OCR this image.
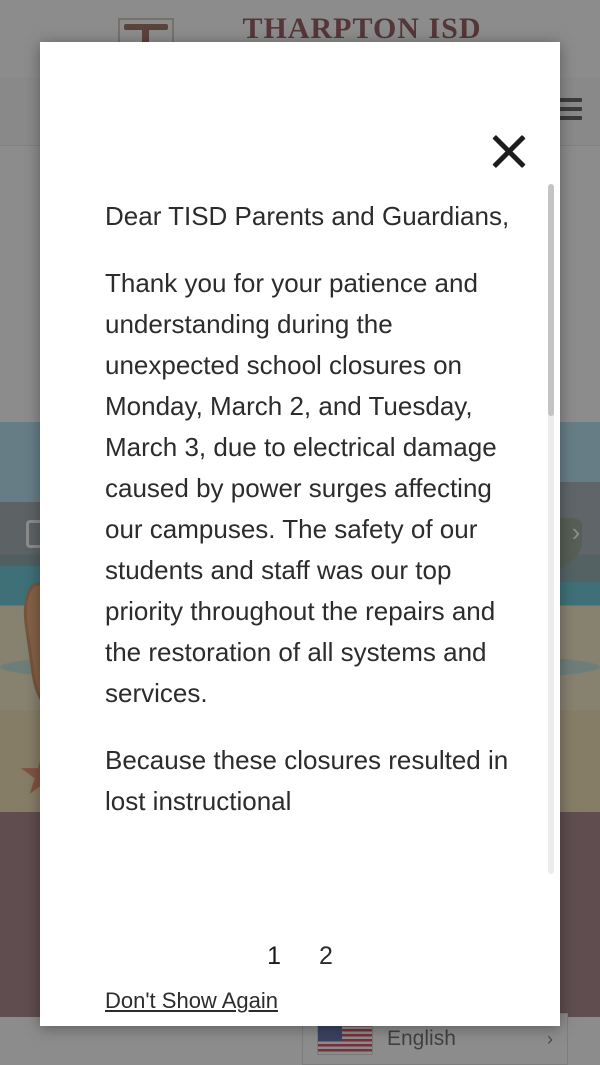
Dear TISD Parents and Guardians,

Thank you for your patience and understanding during the unexpected school closures on Monday, March 2, and Tuesday, March 3, due to electrical damage caused by power surges affecting our campuses. The safety of our students and staff was our top priority throughout the repairs and the restoration of all systems and services.

Because these closures resulted in lost instructional

1 2
Don't Show Again
